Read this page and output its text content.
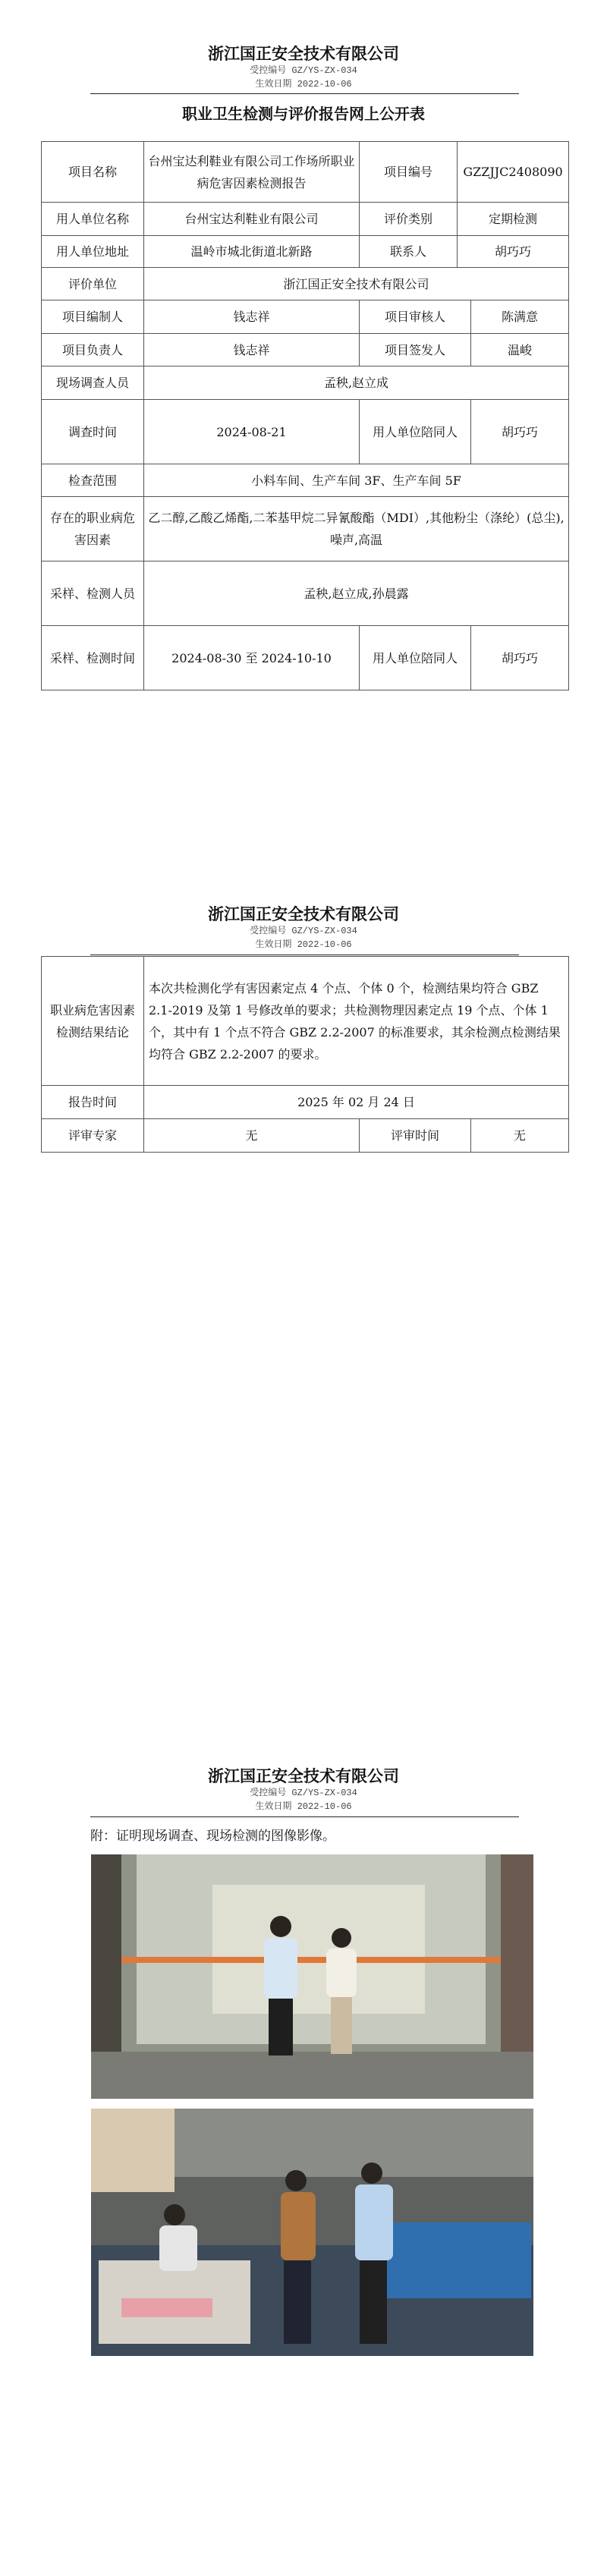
浙江国正安全技术有限公司
受控编号 GZ/YS-ZX-034
生效日期 2022-10-06
职业卫生检测与评价报告网上公开表
项目名称	台州宝达利鞋业有限公司工作场所职业病危害因素检测报告	项目编号	GZZJJC2408090	
用人单位名称	台州宝达利鞋业有限公司	评价类别	定期检测	
用人单位地址	温岭市城北街道北新路	联系人	胡巧巧	
评价单位	浙江国正安全技术有限公司			
项目编制人	钱志祥	项目审核人		陈满意
项目负责人	钱志祥	项目签发人		温峻
现场调查人员	孟秧,赵立成			
调查时间	2024-08-21	用人单位陪同人		胡巧巧
检查范围	小料车间、生产车间 3F、生产车间 5F			
存在的职业病危害因素	乙二醇,乙酸乙烯酯,二苯基甲烷二异氰酸酯（MDI）,其他粉尘（涤纶）(总尘),噪声,高温			
采样、检测人员	孟秧,赵立成,孙晨露			
采样、检测时间	2024-08-30 至 2024-10-10	用人单位陪同人		胡巧巧
浙江国正安全技术有限公司
受控编号 GZ/YS-ZX-034
生效日期 2022-10-06
职业病危害因素检测结果结论	本次共检测化学有害因素定点 4 个点、个体 0 个，检测结果均符合 GBZ 2.1-2019 及第 1 号修改单的要求；共检测物理因素定点 19 个点、个体 1 个，其中有 1 个点不符合 GBZ 2.2-2007 的标准要求，其余检测点检测结果均符合 GBZ 2.2-2007 的要求。		
报告时间	2025 年 02 月 24 日		
评审专家	无	评审时间	无
浙江国正安全技术有限公司
受控编号 GZ/YS-ZX-034
生效日期 2022-10-06
附：证明现场调查、现场检测的图像影像。
